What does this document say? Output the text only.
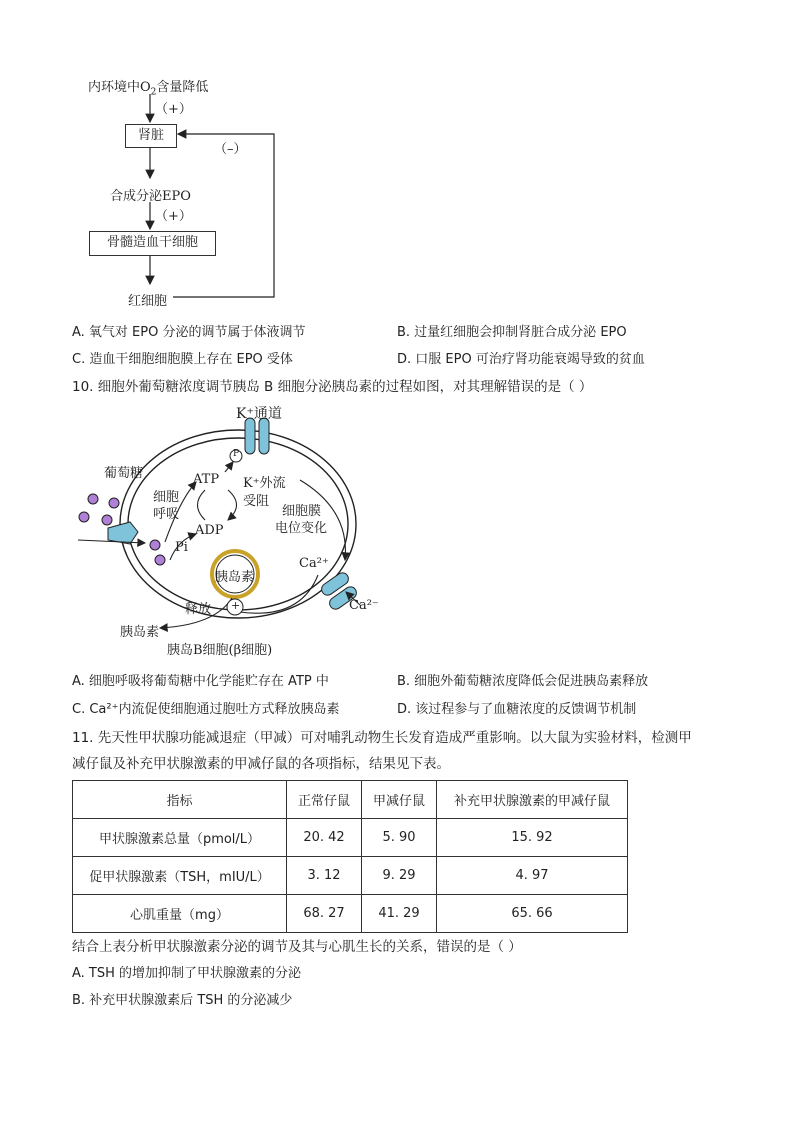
内环境中$O_2$含量降低
（+）
肾脏
（–）
合成分泌EPO
（+）
骨髓造血干细胞
红细胞
A. 氧气对 EPO 分泌的调节属于体液调节	B. 过量红细胞会抑制肾脏合成分泌 EPO
C. 造血干细胞细胞膜上存在 EPO 受体	D. 口服 EPO 可治疗肾功能衰竭导致的贫血
10. 细胞外葡萄糖浓度调节胰岛 B 细胞分泌胰岛素的过程如图，对其理解错误的是（ ）
K⁺通道
葡萄糖
P
ATP K⁺外流
受阻
细胞
呼吸
ADP
Pi
细胞膜
电位变化
胰岛素
Ca²⁺
Ca²⁻
释放 +
胰岛素
胰岛B细胞(β细胞)
A. 细胞呼吸将葡萄糖中化学能贮存在 ATP 中	B. 细胞外葡萄糖浓度降低会促进胰岛素释放
C. Ca²⁺内流促使细胞通过胞吐方式释放胰岛素	D. 该过程参与了血糖浓度的反馈调节机制
11. 先天性甲状腺功能减退症（甲减）可对哺乳动物生长发育造成严重影响。以大鼠为实验材料，检测甲
减仔鼠及补充甲状腺激素的甲减仔鼠的各项指标，结果见下表。
指标	正常仔鼠	甲减仔鼠	补充甲状腺激素的甲减仔鼠
甲状腺激素总量（pmol/L）	20. 42	5. 90	15. 92
促甲状腺激素（TSH，mIU/L）	3. 12	9. 29	4. 97
心肌重量（mg）	68. 27	41. 29	65. 66
结合上表分析甲状腺激素分泌的调节及其与心肌生长的关系，错误的是（ ）
A. TSH 的增加抑制了甲状腺激素的分泌
B. 补充甲状腺激素后 TSH 的分泌减少
